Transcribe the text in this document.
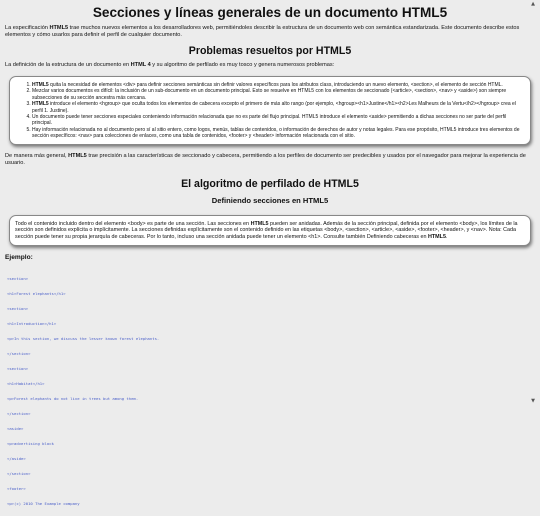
Secciones y líneas generales de un documento HTML5

La especificación HTML5 trae muchos nuevos elementos a los desarrolladores web, permitiéndoles describir la estructura de un documento web con semántica estandarizada. Este documento describe estos elementos y cómo usarlos para definir el perfil de cualquier documento.

Problemas resueltos por HTML5

La definición de la estructura de un documento en HTML 4 y su algoritmo de perfilado es muy tosco y genera numerosos problemas:

1. HTML5 quita la necesidad de elementos <div> para definir secciones semánticas sin definir valores específicos para los atributos class, introduciendo un nuevo elemento, <section>, el elemento de sección HTML.
2. Mezclar varios documentos es difícil: la inclusión de un sub-documento en un documento principal. Esto se resuelve en HTML5 con los elementos de seccionado (<article>, <section>, <nav> y <aside>) son siempre subsecciones de su sección ancestra más cercana.
3. HTML5 introduce el elemento <hgroup> que oculta todos los elementos de cabecera excepto el primero de más alto rango (por ejemplo, <hgroup><h1>Justine</h1><h2>Les Malheurs de la Vertu</h2></hgroup> crea el perfil 1. Justine).
4. Un documento puede tener secciones especiales conteniendo información relacionada que no es parte del flujo principal. HTML5 introduce el elemento <aside> permitiendo a dichas secciones no ser parte del perfil principal.
5. Hay información relacionada no al documento pero sí al sitio entero, como logos, menús, tablas de contenidos, o información de derechos de autor y notas legales. Para ese propósito, HTML5 introduce tres elementos de sección específicos: <nav> para colecciones de enlaces, como una tabla de contenidos, <footer> y <header> información relacionada con el sitio.

De manera más general, HTML5 trae precisión a las características de seccionado y cabecera, permitiendo a los perfiles de documento ser predecibles y usados por el navegador para mejorar la experiencia de usuario.

El algoritmo de perfilado de HTML5
Definiendo secciones en HTML5

Todo el contenido incluido dentro del elemento <body> es parte de una sección. Las secciones en HTML5 pueden ser anidadas. Además de la sección principal, definida por el elemento <body>, los límites de la sección son definidos explícita o implícitamente. La secciones definidas explícitamente son el contenido definido en las etiquetas <body>, <section>, <article>, <aside>, <footer>, <header>, y <nav>. Nota: Cada sección puede tener su propia jerarquía de cabeceras. Por lo tanto, incluso una sección anidada puede tener un elemento <h1>. Consulte también Definiendo cabeceras en HTML5.

Ejemplo:

<section>

<h1>Forest elephants</h1>

<section>

<h1>Introduction</h1>

<p>In this section, we discuss the lesser known forest elephants.

</section>

<section>

<h1>Habitat</h1>

<p>Forest elephants do not live in trees but among them.

</section>

<aside>

<p>advertising block

</aside>

</section>

<footer>

<p>(c) 2010 The Example company

▲
▼
